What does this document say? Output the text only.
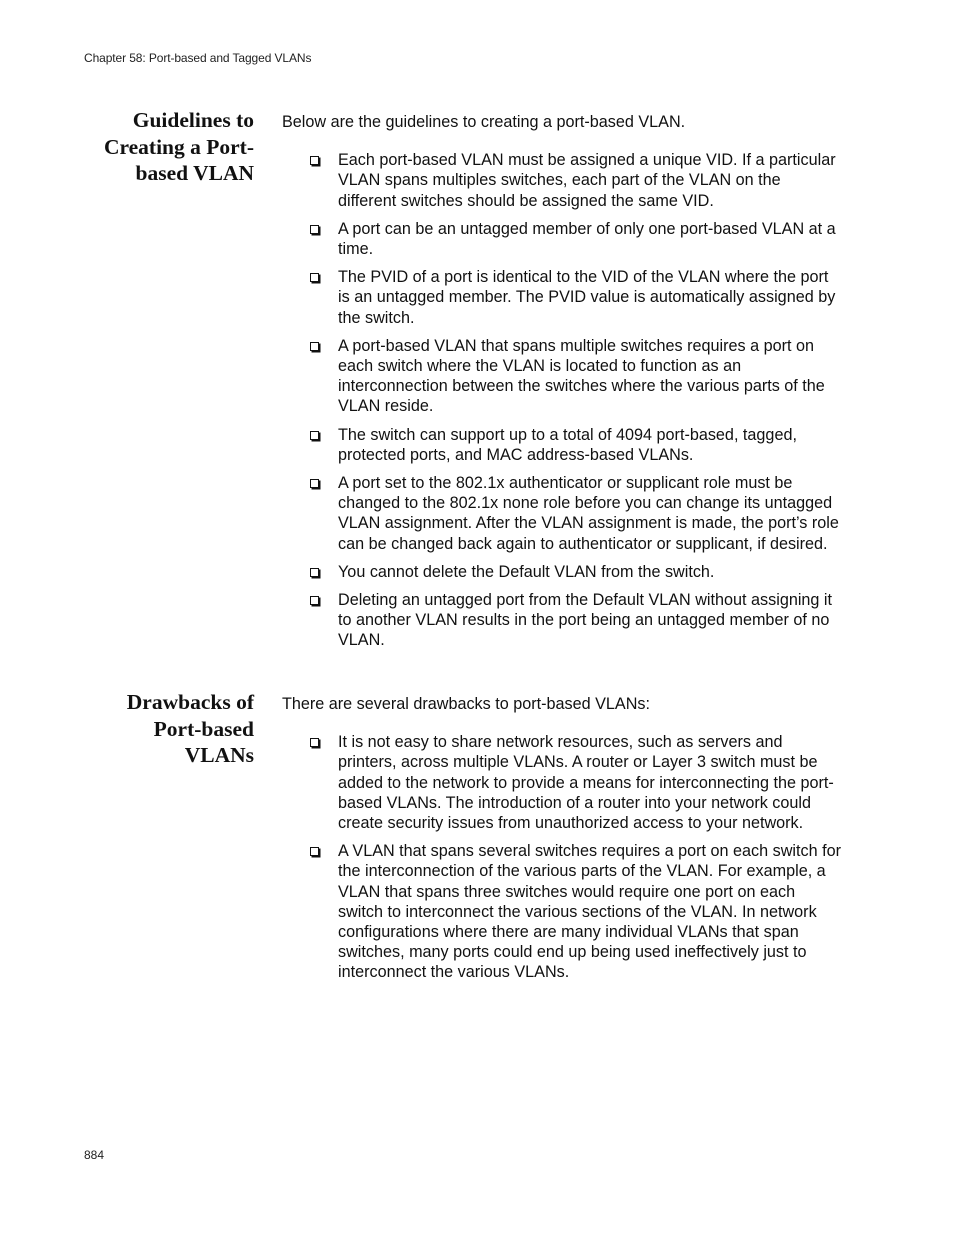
Chapter 58: Port-based and Tagged VLANs
Guidelines to
Creating a Port-
based VLAN

Below are the guidelines to creating a port-based VLAN.

Each port-based VLAN must be assigned a unique VID. If a particular VLAN spans multiples switches, each part of the VLAN on the different switches should be assigned the same VID.
A port can be an untagged member of only one port-based VLAN at a time.
The PVID of a port is identical to the VID of the VLAN where the port is an untagged member. The PVID value is automatically assigned by the switch.
A port-based VLAN that spans multiple switches requires a port on each switch where the VLAN is located to function as an interconnection between the switches where the various parts of the VLAN reside.
The switch can support up to a total of 4094 port-based, tagged, protected ports, and MAC address-based VLANs.
A port set to the 802.1x authenticator or supplicant role must be changed to the 802.1x none role before you can change its untagged VLAN assignment. After the VLAN assignment is made, the port’s role can be changed back again to authenticator or supplicant, if desired.
You cannot delete the Default VLAN from the switch.
Deleting an untagged port from the Default VLAN without assigning it to another VLAN results in the port being an untagged member of no VLAN.
Drawbacks of
Port-based
VLANs

There are several drawbacks to port-based VLANs:

It is not easy to share network resources, such as servers and printers, across multiple VLANs. A router or Layer 3 switch must be added to the network to provide a means for interconnecting the port-based VLANs. The introduction of a router into your network could create security issues from unauthorized access to your network.
A VLAN that spans several switches requires a port on each switch for the interconnection of the various parts of the VLAN. For example, a VLAN that spans three switches would require one port on each switch to interconnect the various sections of the VLAN. In network configurations where there are many individual VLANs that span switches, many ports could end up being used ineffectively just to interconnect the various VLANs.
884
